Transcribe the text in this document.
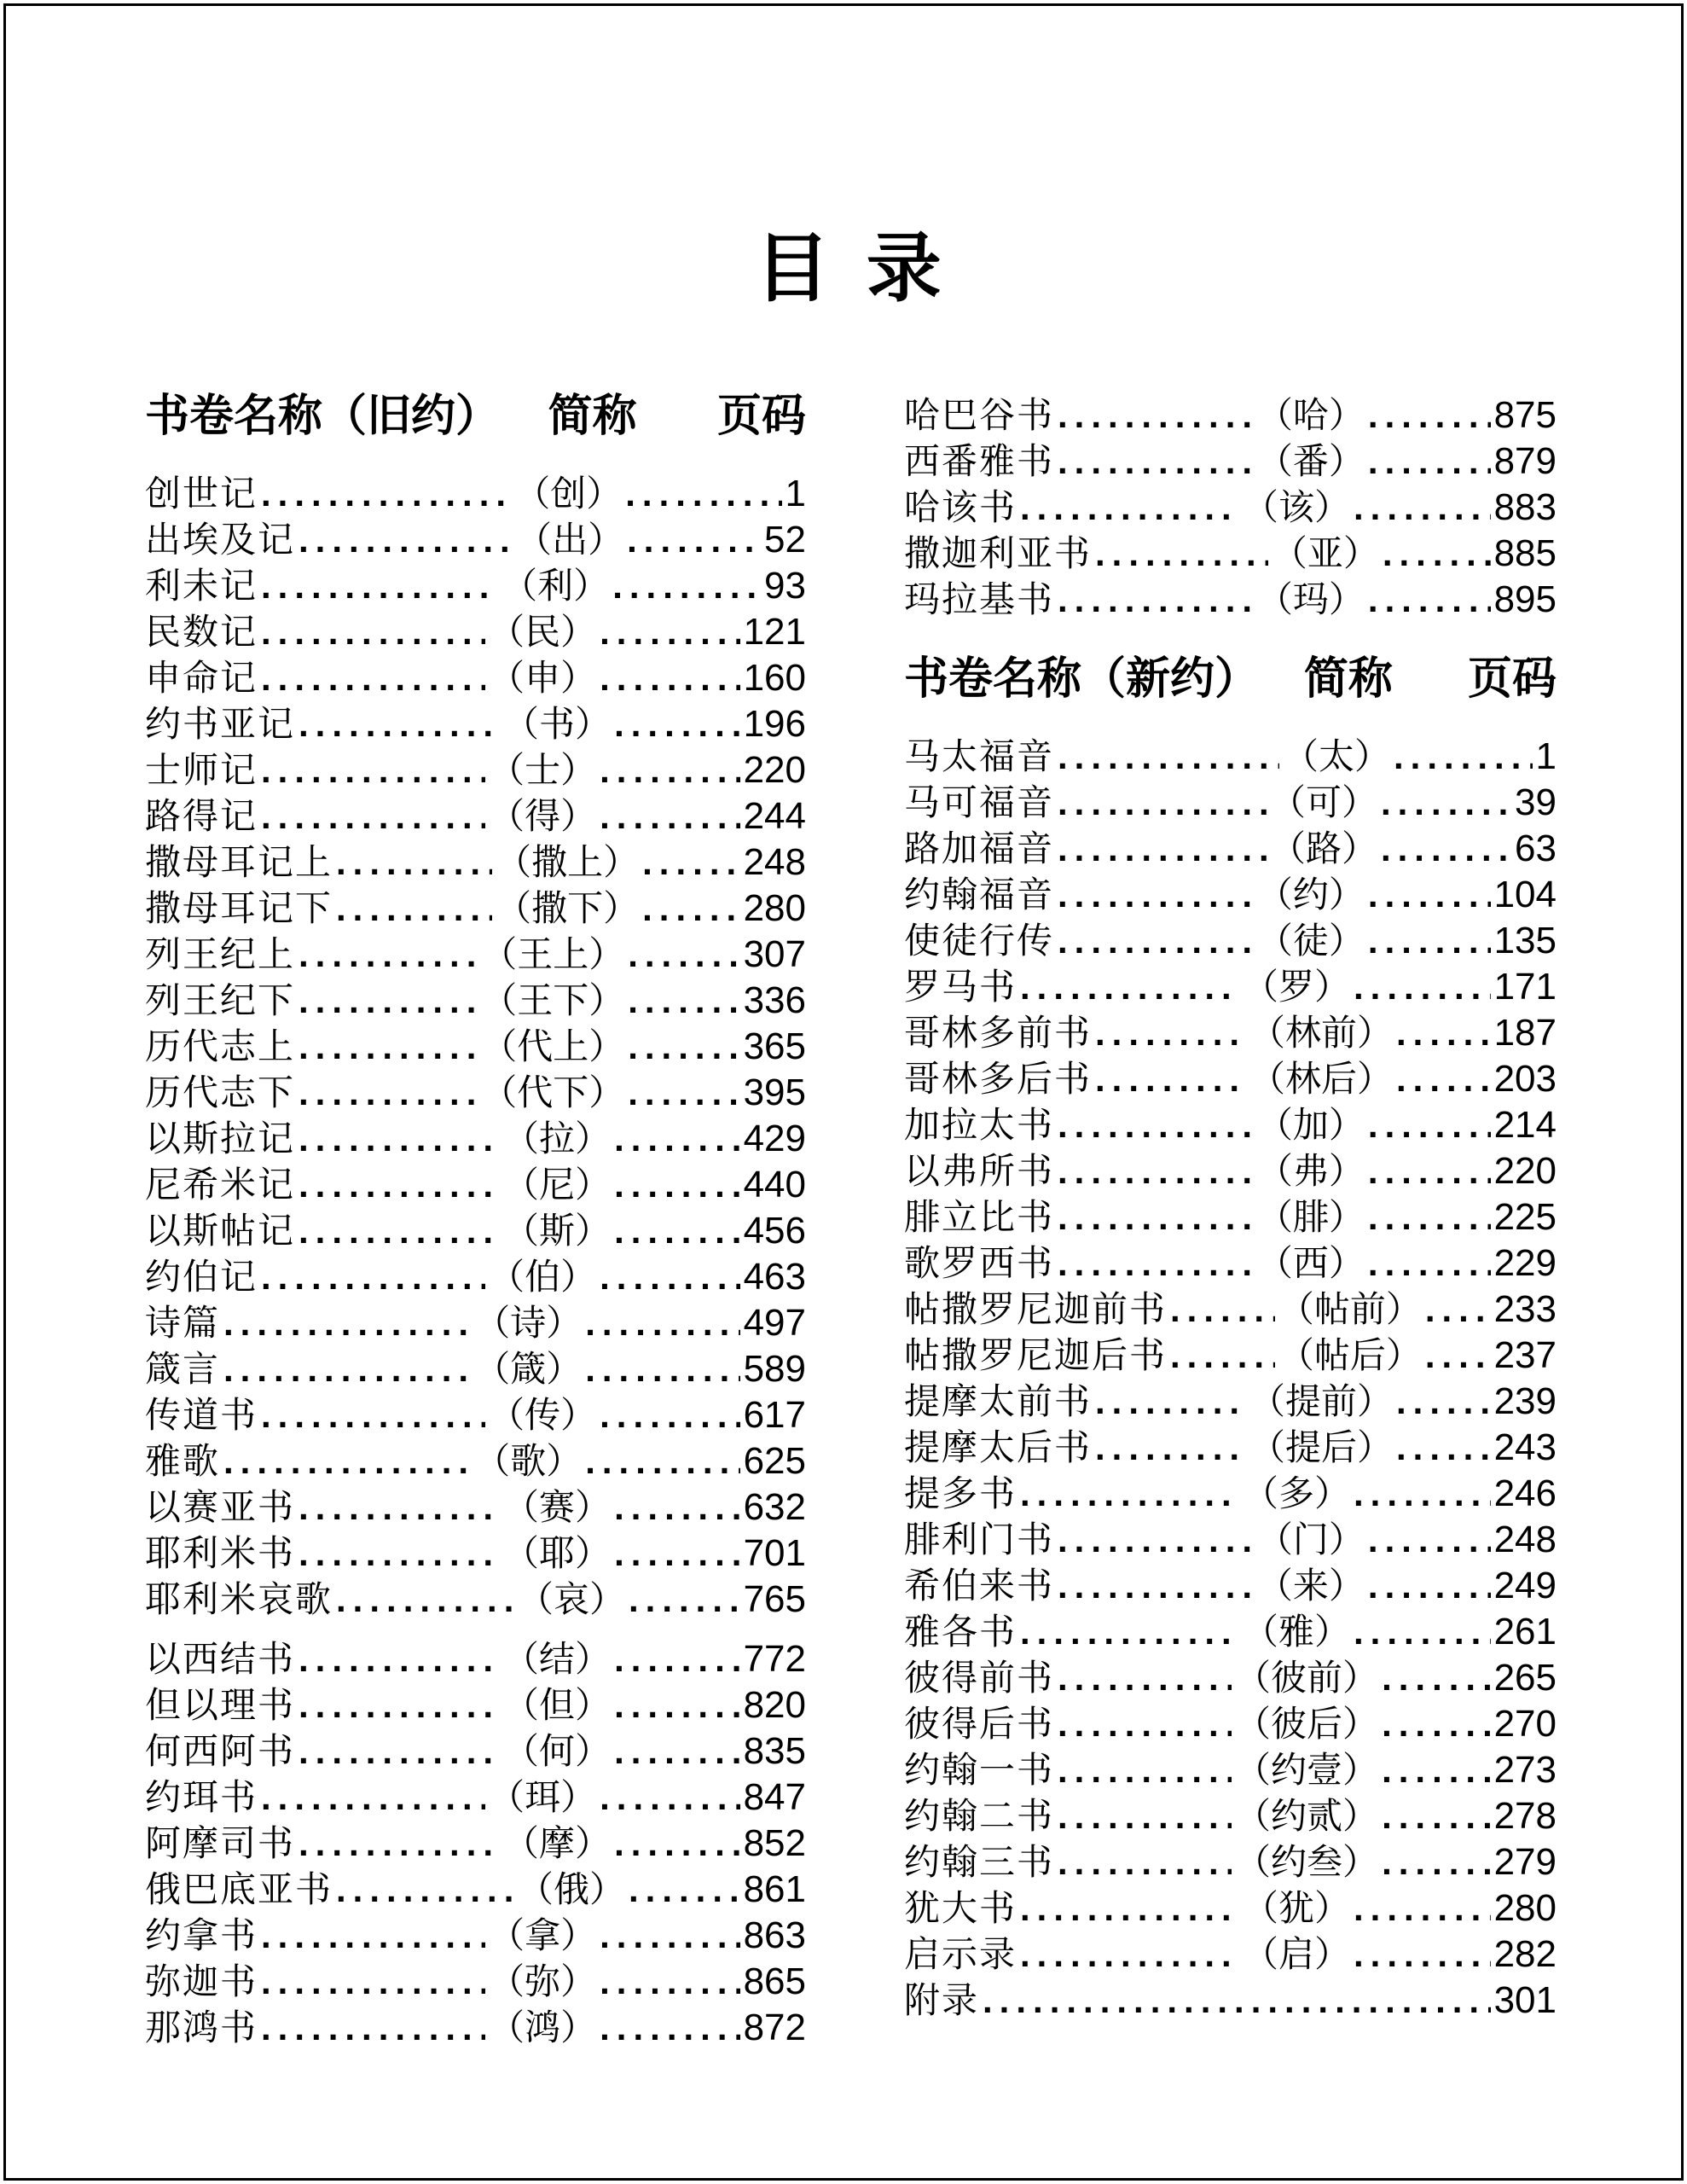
目 录
书卷名称（旧约） 简称 页码
创世记 .....	（创） .....	1
出埃及记 .....	（出） .....	52
利未记 .....	（利） .....	93
民数记 .....	（民） .....	121
申命记 .....	（申） .....	160
约书亚记 .....	（书） .....	196
士师记 .....	（士） .....	220
路得记 .....	（得） .....	244
撒母耳记上 .....	（撒上） .....	248
撒母耳记下 .....	（撒下） .....	280
列王纪上 .....	（王上） .....	307
列王纪下 .....	（王下） .....	336
历代志上 .....	（代上） .....	365
历代志下 .....	（代下） .....	395
以斯拉记 .....	（拉） .....	429
尼希米记 .....	（尼） .....	440
以斯帖记 .....	（斯） .....	456
约伯记 .....	（伯） .....	463
诗篇 .....	（诗） .....	497
箴言 .....	（箴） .....	589
传道书 .....	（传） .....	617
雅歌 .....	（歌） .....	625
以赛亚书 .....	（赛） .....	632
耶利米书 .....	（耶） .....	701
耶利米哀歌 .....	（哀） .....	765
以西结书 .....	（结） .....	772
但以理书 .....	（但） .....	820
何西阿书 .....	（何） .....	835
约珥书 .....	（珥） .....	847
阿摩司书 .....	（摩） .....	852
俄巴底亚书 .....	（俄） .....	861
约拿书 .....	（拿） .....	863
弥迦书 .....	（弥） .....	865
那鸿书 .....	（鸿） .....	872
哈巴谷书 .....	（哈） .....	875
西番雅书 .....	（番） .....	879
哈该书 .....	（该） .....	883
撒迦利亚书 .....	（亚） .....	885
玛拉基书 .....	（玛） .....	895
书卷名称（新约） 简称 页码
马太福音 .....	（太） .....	1
马可福音 .....	（可） .....	39
路加福音 .....	（路） .....	63
约翰福音 .....	（约） .....	104
使徒行传 .....	（徒） .....	135
罗马书 .....	（罗） .....	171
哥林多前书 .....	（林前） .....	187
哥林多后书 .....	（林后） .....	203
加拉太书 .....	（加） .....	214
以弗所书 .....	（弗） .....	220
腓立比书 .....	（腓） .....	225
歌罗西书 .....	（西） .....	229
帖撒罗尼迦前书 .....	（帖前） ..... 233
帖撒罗尼迦后书 .....	（帖后） ..... 237
提摩太前书 .....	（提前） .....	239
提摩太后书 .....	（提后） .....	243
提多书 .....	（多） .....	246
腓利门书 .....	（门） .....	248
希伯来书 .....	（来） .....	249
雅各书 .....	（雅） .....	261
彼得前书 .....	（彼前） .....	265
彼得后书 .....	（彼后） .....	270
约翰一书 .....	（约壹） .....	273
约翰二书 .....	（约贰） .....	278
约翰三书 .....	（约叁） .....	279
犹大书 .....	（犹） .....	280
启示录 .....	（启） .....	282
附录 .....	301
